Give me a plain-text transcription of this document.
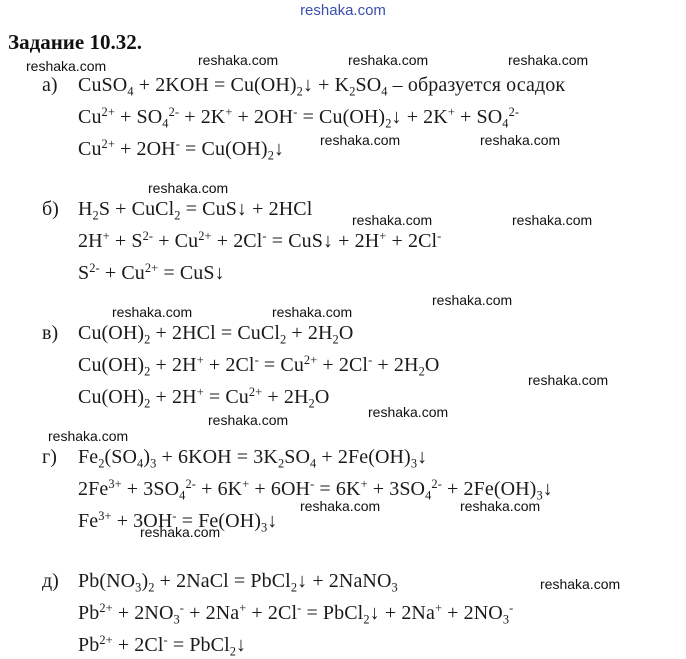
reshaka.com
Задание 10.32.
reshaka.com	reshaka.com	reshaka.com	reshaka.com
reshaka.com	reshaka.com
reshaka.com
reshaka.com	reshaka.com
reshaka.com
reshaka.com	reshaka.com
reshaka.com
reshaka.com
reshaka.com
reshaka.com
reshaka.com	reshaka.com
reshaka.com
reshaka.com
а) CuSO$_4$ + $2KOH = Cu(OH)_2↓ + K_2SO_4$ – образуется осадок
$Cu^{2+} + SO_4^{2-} + 2K^+ + 2OH^-$ = $Cu(OH)_2↓ + 2K^+ + SO_4^{2-}$
$Cu^{2+} + 2OH^-$ = $Cu(OH)_2↓$
б) $H_2S$ + CuCl$_2$ = CuS↓ + 2HCl
$2H^+ + S^{2-} + Cu^{2+} + 2Cl^-$ = CuS↓ + 2H+ + 2Cl-
$S^{2-} + Cu^{2+}$ = CuS↓
в) $Cu(OH)_2 + 2HCl$ = CuCl$_2$ + $2H_2O$
$Cu(OH)_2 + 2H^+ + 2Cl^- = Cu^{2+} + 2Cl^- + 2H_2O$
$Cu(OH)_2 + 2H^+ = Cu^{2+} + 2H_2O$
г) $Fe_2(SO_4)_3 + 6KOH = 3K_2SO_4$ + $2Fe(OH)_3↓$
$2Fe^{3+} + 3SO_4^{2-} + 6K^+ + 6OH^- = 6K^+ + 3SO_4^{2-}$ + $2Fe(OH)_3↓$
$Fe^{3+} + 3OH^-$ = $Fe(OH)_3↓$
д) $Pb(NO_3)_2$ + 2NaCl = PbCl$_2$↓ + 2NaNO$_3$
$Pb^{2+} + 2NO_3^- + 2Na^+ + 2Cl^-$ = PbCl$_2$↓ + $2Na^+ + 2NO_3^-$
$Pb^{2+} + 2Cl^-$ = PbCl$_2$↓
